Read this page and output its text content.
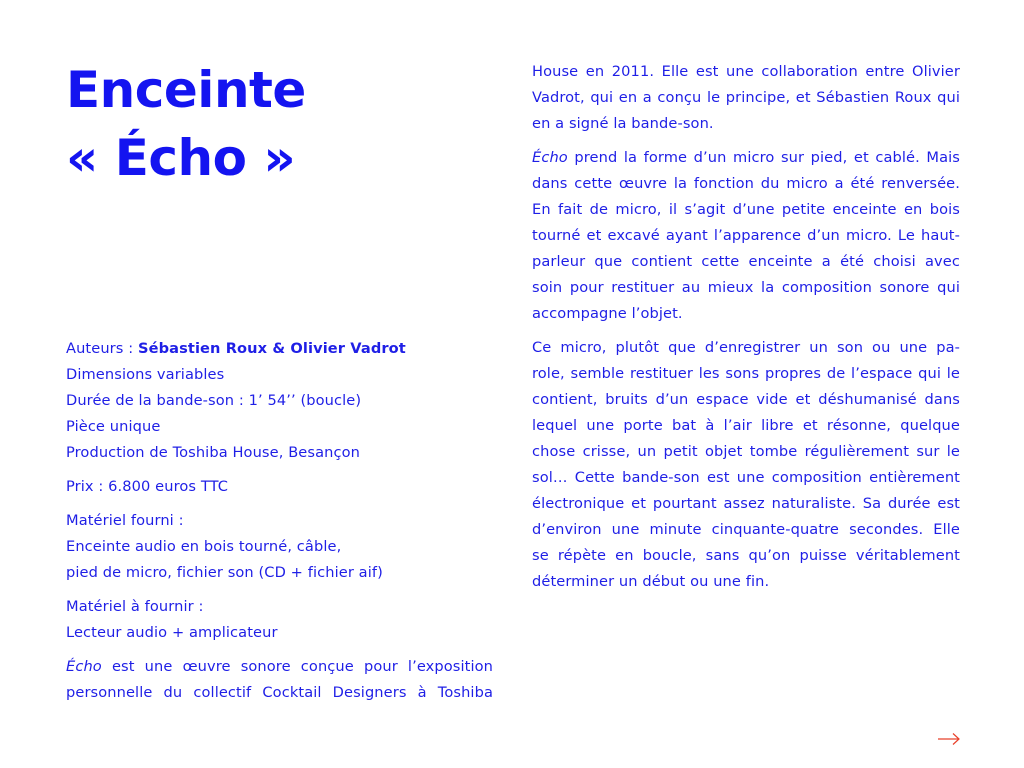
Enceinte
« Écho »

Auteurs : Sébastien Roux & Olivier Vadrot
Dimensions variables
Durée de la bande-son : 1’ 54’’ (boucle)
Pièce unique
Production de Toshiba House, Besançon

Prix : 6.800 euros TTC

Matériel fourni :
Enceinte audio en bois tourné, câble,
pied de micro, fichier son (CD + fichier aif)

Matériel à fournir :
Lecteur audio + amplicateur

Écho est une œuvre sonore conçue pour l’exposition
personnelle du collectif Cocktail Designers à Toshiba

House en 2011. Elle est une collaboration entre Olivier
Vadrot, qui en a conçu le principe, et Sébastien Roux qui
en a signé la bande-son.

Écho prend la forme d’un micro sur pied, et cablé. Mais
dans cette œuvre la fonction du micro a été renversée.
En fait de micro, il s’agit d’une petite enceinte en bois
tourné et excavé ayant l’apparence d’un micro. Le haut-
parleur que contient cette enceinte a été choisi avec
soin pour restituer au mieux la composition sonore qui
accompagne l’objet.

Ce micro, plutôt que d’enregistrer un son ou une pa-
role, semble restituer les sons propres de l’espace qui le
contient, bruits d’un espace vide et déshumanisé dans
lequel une porte bat à l’air libre et résonne, quelque
chose crisse, un petit objet tombe régulièrement sur le
sol… Cette bande-son est une composition entièrement
électronique et pourtant assez naturaliste. Sa durée est
d’environ une minute cinquante-quatre secondes. Elle
se répète en boucle, sans qu’on puisse véritablement
déterminer un début ou une fin.
